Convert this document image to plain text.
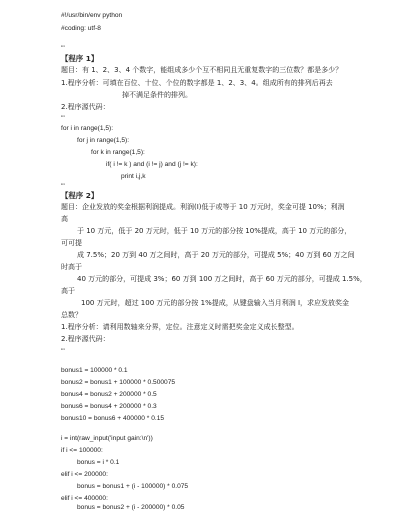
#!/usr/bin/env python
#coding: utf-8
'''
【程序 1】
题目：有 1、2、3、4 个数字，能组成多少个互不相同且无重复数字的三位数？都是多少？
1.程序分析：可填在百位、十位、个位的数字都是 1、2、3、4。组成所有的排列后再去
掉不满足条件的排列。
2.程序源代码：
'''
for i in range(1,5):
for j in range(1,5):
for k in range(1,5):
if( i != k ) and (i != j) and (j != k):
print i,j,k
'''
【程序 2】
题目：企业发放的奖金根据利润提成。利润(I)低于或等于 10 万元时，奖金可提 10%；利润
高
于 10 万元，低于 20 万元时，低于 10 万元的部分按 10%提成，高于 10 万元的部分，
可可提
成 7.5%；20 万到 40 万之间时，高于 20 万元的部分，可提成 5%；40 万到 60 万之间
时高于
40 万元的部分，可提成 3%；60 万到 100 万之间时，高于 60 万元的部分，可提成 1.5%，
高于
100 万元时，超过 100 万元的部分按 1%提成，从键盘输入当月利润 I，求应发放奖金
总数？
1.程序分析：请利用数轴来分界，定位。注意定义时需把奖金定义成长整型。
2.程序源代码：
'''
bonus1 = 100000 * 0.1
bonus2 = bonus1 + 100000 * 0.500075
bonus4 = bonus2 + 200000 * 0.5
bonus6 = bonus4 + 200000 * 0.3
bonus10 = bonus6 + 400000 * 0.15
i = int(raw_input('input gain:\n'))
if i <= 100000:
bonus = i * 0.1
elif i <= 200000:
bonus = bonus1 + (i - 100000) * 0.075
elif i <= 400000:
bonus = bonus2 + (i - 200000) * 0.05
